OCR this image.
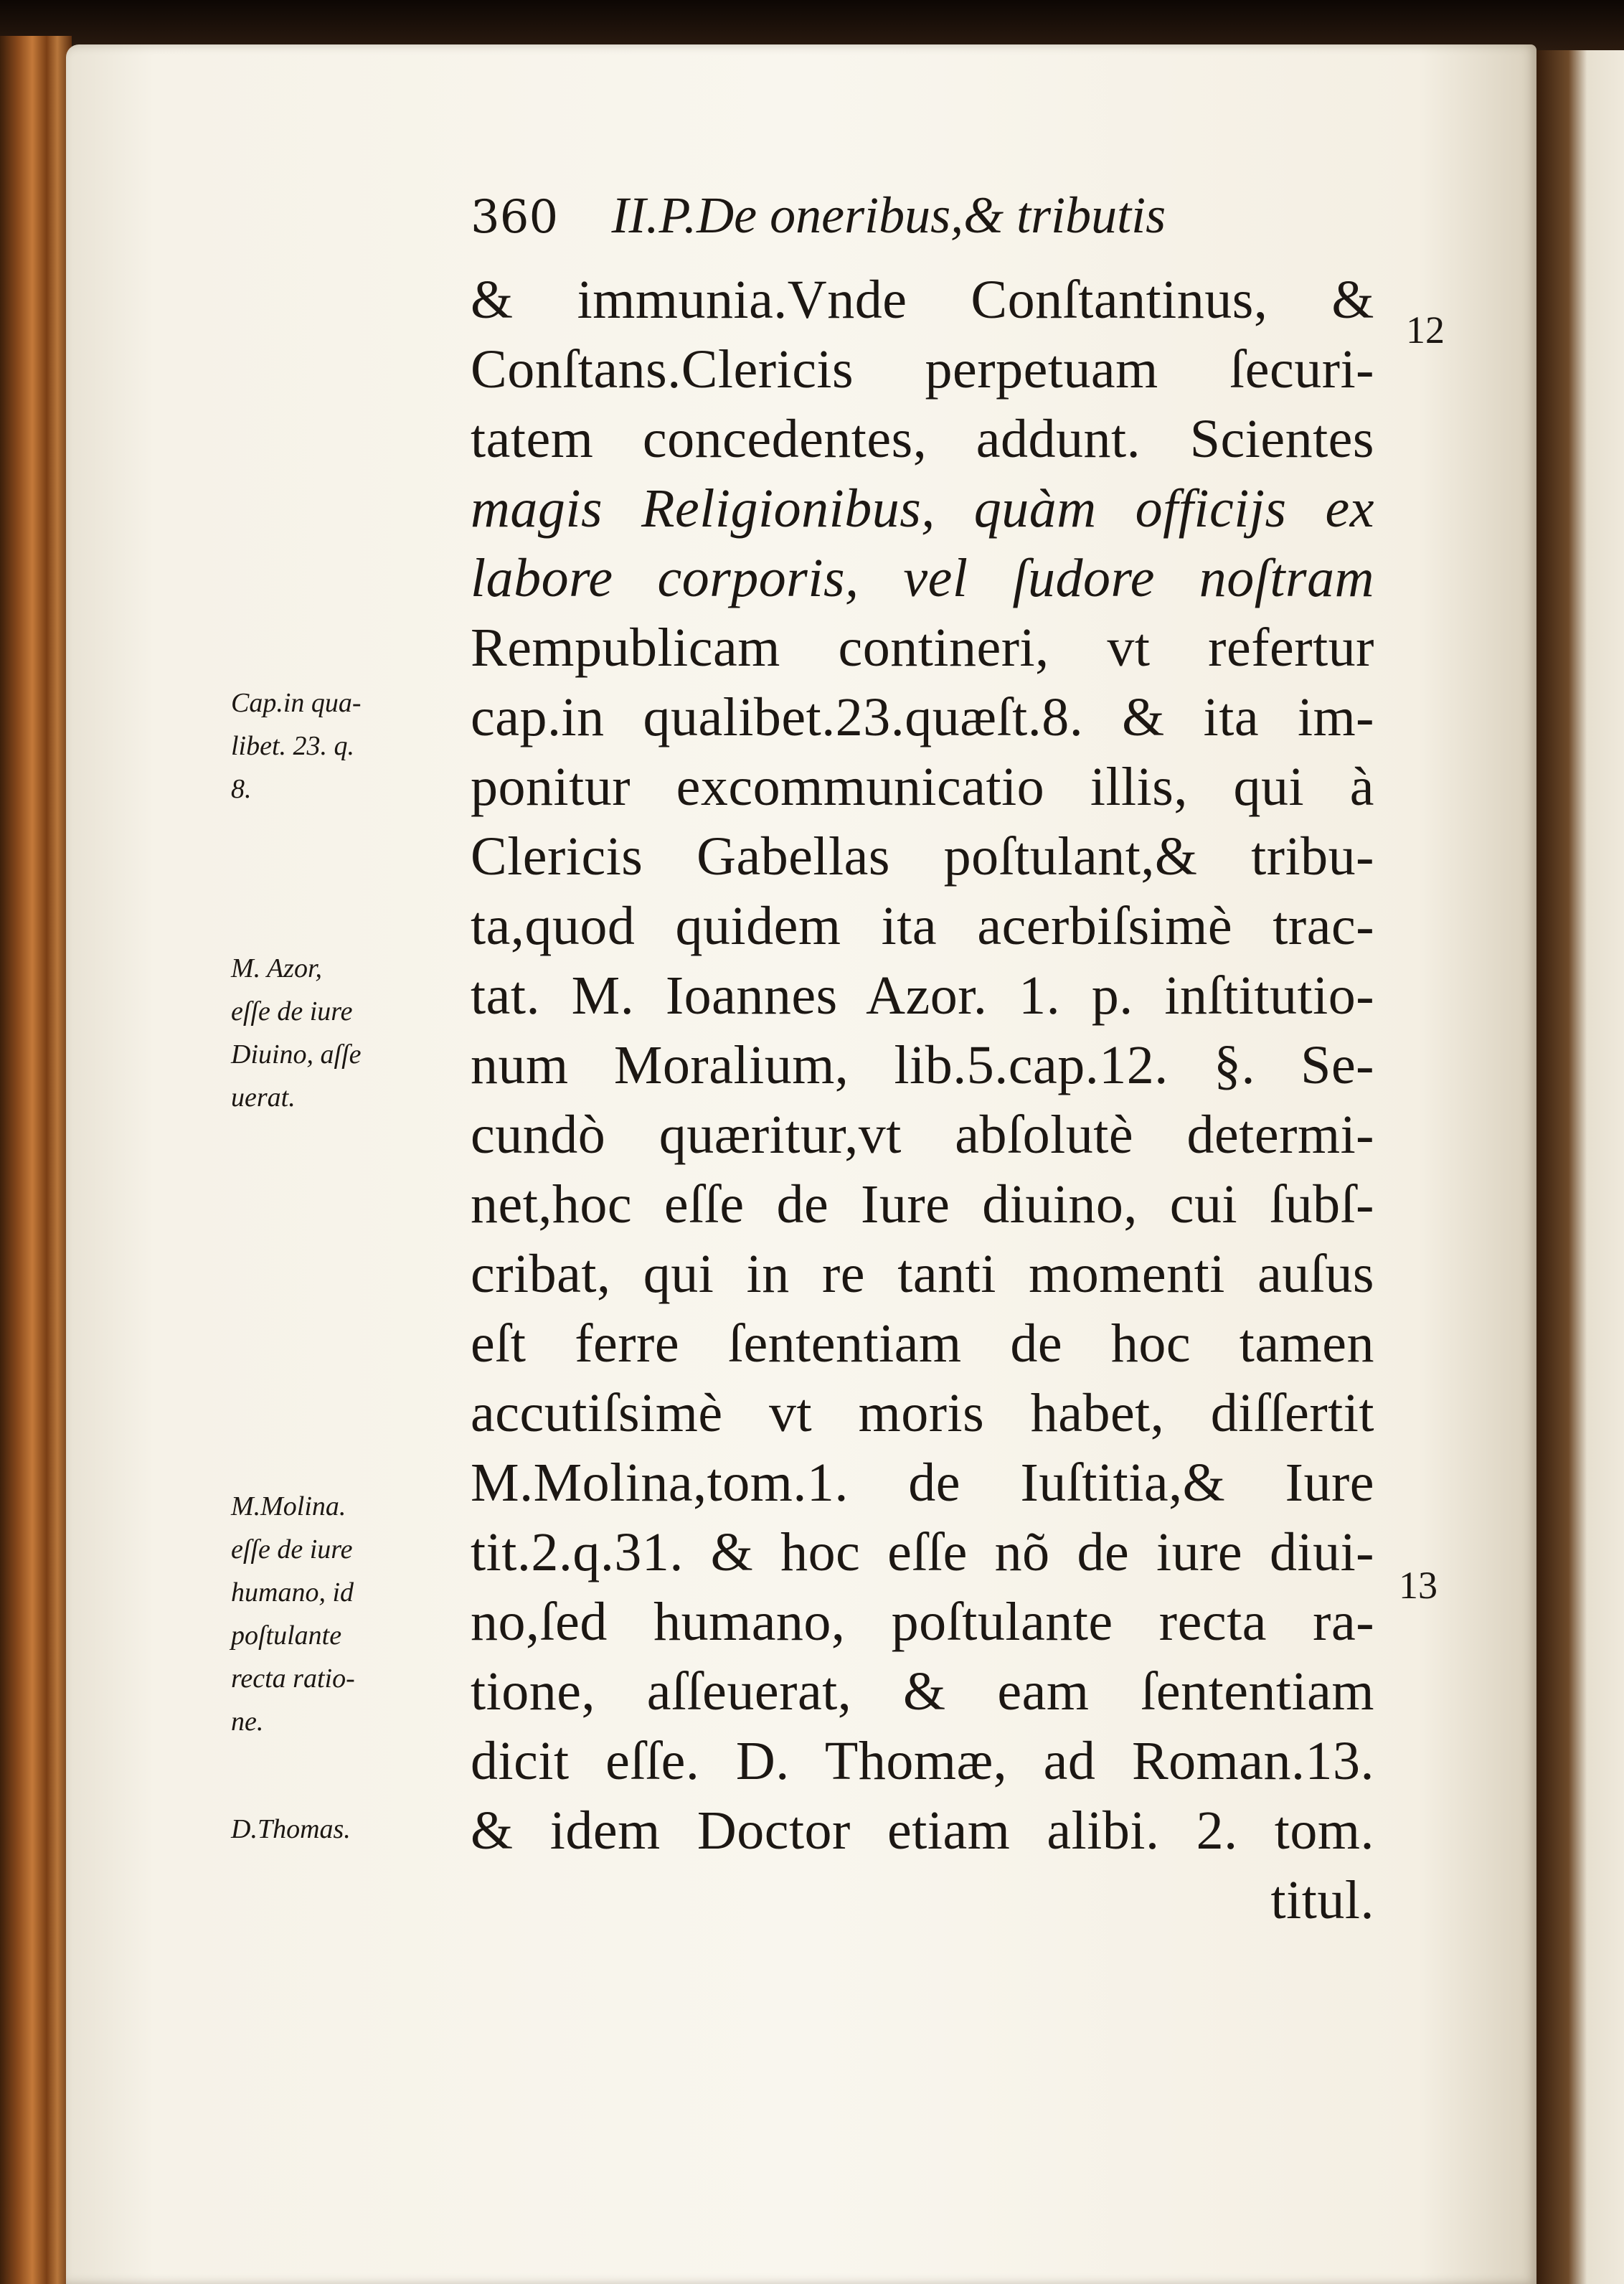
360 II.P.De oneribus,& tributis
& immunia.Vnde Conſtantinus, &
Conſtans.Clericis perpetuam ſecuri-
tatem concedentes, addunt. Scientes
magis Religionibus, quàm officijs ex
labore corporis, vel ſudore noſtram
Rempublicam contineri, vt refertur
cap.in qualibet.23.quæſt.8. & ita im-
ponitur excommunicatio illis, qui à
Clericis Gabellas poſtulant,& tribu-
ta,quod quidem ita acerbiſsimè trac-
tat. M. Ioannes Azor. 1. p. inſtitutio-
num Moralium, lib.5.cap.12. §. Se-
cundò quæritur,vt abſolutè determi-
net,hoc eſſe de Iure diuino, cui ſubſ-
cribat, qui in re tanti momenti auſus
eſt ferre ſententiam de hoc tamen
accutiſsimè vt moris habet, diſſertit
M.Molina,tom.1. de Iuſtitia,& Iure
tit.2.q.31. & hoc eſſe nõ de iure diui-
no,ſed humano, poſtulante recta ra-
tione, aſſeuerat, & eam ſententiam
dicit eſſe. D. Thomæ, ad Roman.13.
& idem Doctor etiam alibi. 2. tom.
titul.
Cap.in qua-
libet. 23. q.
8.
M. Azor,
eſſe de iure
Diuino, aſſe
uerat.
M.Molina.
eſſe de iure
humano, id
poſtulante
recta ratio-
ne.
D.Thomas.
12
13
